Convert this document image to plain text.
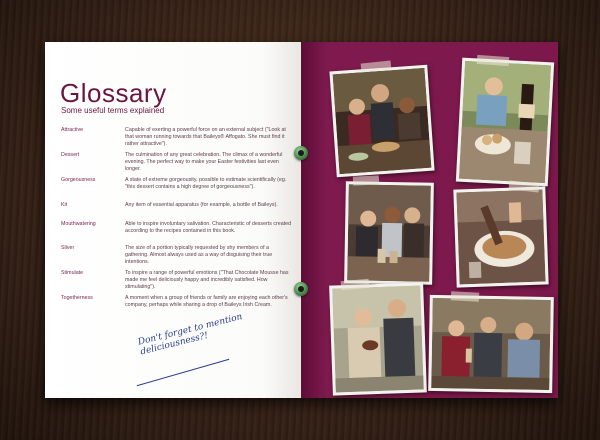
Glossary
Some useful terms explained
Attractive	Capable of exerting a powerful force on an external subject ("Look at that woman running towards that Baileys® Affogato. She must find it rather attractive").
Dessert	The culmination of any great celebration. The climax of a wonderful evening. The perfect way to make your Easter festivities last even longer.
Gorgeousness	A state of extreme gorgeousity, possible to estimate scientifically (eg. "this dessert contains a high degree of gorgeousness").
Kit	Any item of essential apparatus (for example, a bottle of Baileys).
Mouthwatering	Able to inspire involuntary salivation. Characteristic of desserts created according to the recipes contained in this book.
Sliver	The size of a portion typically requested by shy members of a gathering. Almost always used as a way of disguising their true intentions.
Stimulate	To inspire a range of powerful emotions ("That Chocolate Mousse has made me feel deliciously happy and incredibly satisfied. How stimulating").
Togetherness	A moment when a group of friends or family are enjoying each other's company, perhaps while sharing a drop of Baileys Irish Cream.
Don't forget to mention deliciousness?!
